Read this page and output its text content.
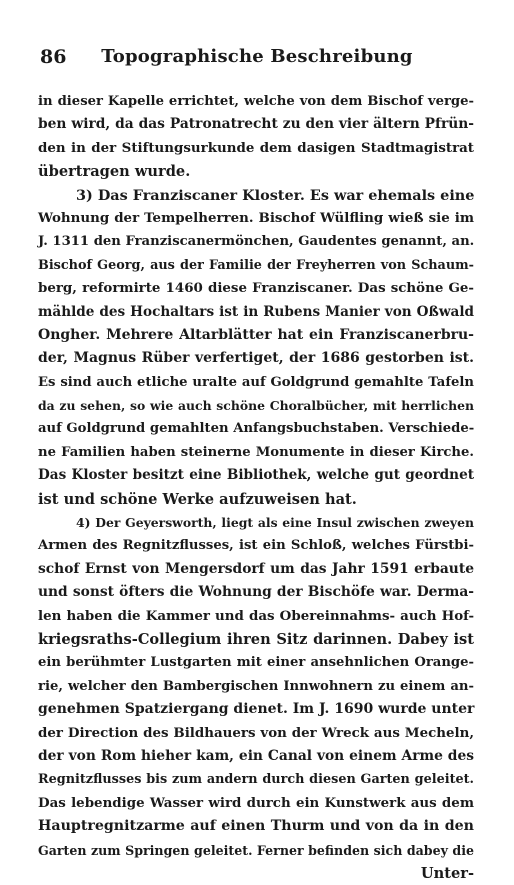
86	Topographische Beschreibung
in dieser Kapelle errichtet, welche von dem Bischof verge-
ben wird, da das Patronatrecht zu den vier ältern Pfrün-
den in der Stiftungsurkunde dem dasigen Stadtmagistrat
übertragen wurde.
3) Das Franziscaner Kloster. Es war ehemals eine
Wohnung der Tempelherren. Bischof Wülfling wieß sie im
J. 1311 den Franziscanermönchen, Gaudentes genannt, an.
Bischof Georg, aus der Familie der Freyherren von Schaum-
berg, reformirte 1460 diese Franziscaner. Das schöne Ge-
mählde des Hochaltars ist in Rubens Manier von Oßwald
Ongher. Mehrere Altarblätter hat ein Franziscanerbru-
der, Magnus Rüber verfertiget, der 1686 gestorben ist.
Es sind auch etliche uralte auf Goldgrund gemahlte Tafeln
da zu sehen, so wie auch schöne Choralbücher, mit herrlichen
auf Goldgrund gemahlten Anfangsbuchstaben. Verschiede-
ne Familien haben steinerne Monumente in dieser Kirche.
Das Kloster besitzt eine Bibliothek, welche gut geordnet
ist und schöne Werke aufzuweisen hat.
4) Der Geyersworth, liegt als eine Insul zwischen zweyen
Armen des Regnitzflusses, ist ein Schloß, welches Fürstbi-
schof Ernst von Mengersdorf um das Jahr 1591 erbaute
und sonst öfters die Wohnung der Bischöfe war. Dermа-
len haben die Kammer und das Obereinnahms- auch Hof-
kriegsraths-Collegium ihren Sitz darinnen. Dabey ist
ein berühmter Lustgarten mit einer ansehnlichen Orange-
rie, welcher den Bambergischen Innwohnern zu einem an-
genehmen Spatziergang dienet. Im J. 1690 wurde unter
der Direction des Bildhauers von der Wreck aus Mecheln,
der von Rom hieher kam, ein Canal von einem Arme des
Regnitzflusses bis zum andern durch diesen Garten geleitet.
Das lebendige Wasser wird durch ein Kunstwerk aus dem
Hauptregnitzarme auf einen Thurm und von da in den
Garten zum Springen geleitet. Ferner befinden sich dabey die
Unter-
